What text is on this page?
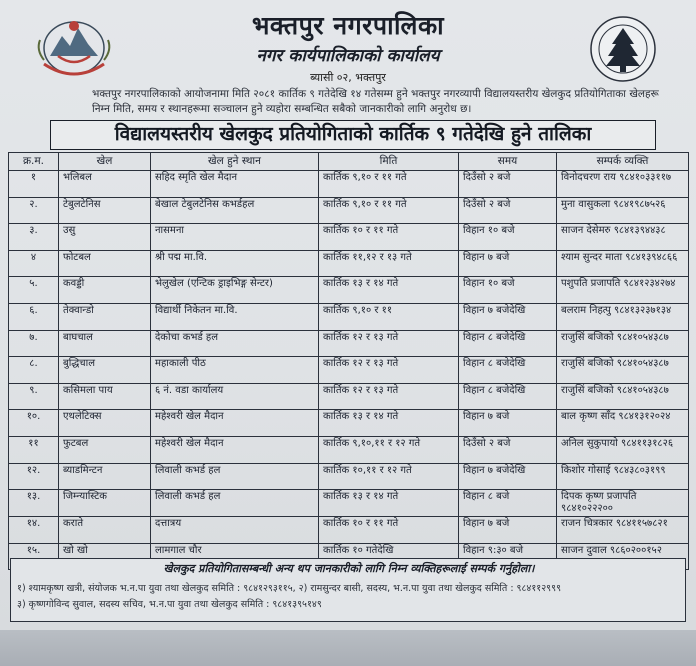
भक्तपुर नगरपालिका
नगर कार्यपालिकाको कार्यालय
ब्यासी ०२, भक्तपुर
भक्तपुर नगरपालिकाको आयोजनामा मिति २०८१ कार्तिक ९ गतेदेखि १४ गतेसम्म हुने भक्तपुर नगरव्यापी विद्यालयस्तरीय खेलकुद प्रतियोगिताका खेलहरू निम्न मिति, समय र स्थानहरूमा सञ्चालन हुने व्यहोरा सम्बन्धित सबैको जानकारीको लागि अनुरोध छ।
विद्यालयस्तरीय खेलकुद प्रतियोगिताको कार्तिक ९ गतेदेखि हुने तालिका
क्र.म.	खेल	खेल हुने स्थान	मिति	समय	सम्पर्क व्यक्ति
१	भलिबल	सहिद स्मृति खेल मैदान	कार्तिक ९,१० र ११ गते	दिउँसो २ बजे	विनोदचरण राय ९८४१०३३११७
२.	टेबुलटेनिस	बेखाल टेबुलटेनिस कभर्डहल	कार्तिक ९,१० र ११ गते	दिउँसो २ बजे	मुना वासुकला ९८४१९८७५२६
३.	उसु	नासमना	कार्तिक १० र ११ गते	विहान १० बजे	साजन देसेमरु ९८४१३९४४३८
४	फोटबल	श्री पद्म मा.वि.	कार्तिक ११,१२ र १३ गते	विहान ७ बजे	श्याम सुन्दर माता ९८४१३९४८६६
५.	कवड्डी	भेलुखेल (एन्टिक ड्राइभिङ्ग सेन्टर)	कार्तिक १३ र १४ गते	विहान १० बजे	पशुपति प्रजापति ९८४१२३४२७४
६.	तेक्वान्डो	विद्यार्थी निकेतन मा.वि.	कार्तिक ९,१० र ११	विहान ७ बजेदेखि	बलराम निहत्पु ९८४१३२३७१३४
७.	बाघचाल	देकोचा कभर्ड हल	कार्तिक १२ र १३ गते	विहान ८ बजेदेखि	राजुसिं बजिको ९८४१०५४३८७
८.	बुद्धिचाल	महाकाली पीठ	कार्तिक १२ र १३ गते	विहान ८ बजेदेखि	राजुसिं बजिको ९८४१०५४३८७
९.	कसिमला पाय	६ नं. वडा कार्यालय	कार्तिक १२ र १३ गते	विहान ८ बजेदेखि	राजुसिं बजिको ९८४१०५४३८७
१०.	एथलेटिक्स	महेश्वरी खेल मैदान	कार्तिक १३ र १४ गते	विहान ७ बजे	बाल कृष्ण साँद ९८४१३१२०२४
११	फुटबल	महेश्वरी खेल मैदान	कार्तिक ९,१०,११ र १२ गते	दिउँसो २ बजे	अनिल सुकुपायो ९८४११३१८२६
१२.	ब्याडमिन्टन	लिवाली कभर्ड हल	कार्तिक १०,११ र १२ गते	विहान ७ बजेदेखि	किशोर गोसाई ९८४३८०३१९९
१३.	जिम्न्यास्टिक	लिवाली कभर्ड हल	कार्तिक १३ र १४ गते	विहान ८ बजे	दिपक कृष्ण प्रजापति ९८४१०२२२००
१४.	कराते	दत्तात्रय	कार्तिक १० र ११ गते	विहान ७ बजे	राजन चित्रकार ९८४११५७८२१
१५.	खो खो	लामगाल चौर	कार्तिक १० गतेदेखि	विहान ९:३० बजे	साजन दुवाल ९८६०२००१५२
खेलकुद प्रतियोगितासम्बन्धी अन्य थप जानकारीको लागि निम्न व्यक्तिहरूलाई सम्पर्क गर्नुहोला।
१) श्यामकृष्ण खत्री, संयोजक भ.न.पा युवा तथा खेलकुद समिति : ९८४१२९३११५, २) रामसुन्दर बासी, सदस्य, भ.न.पा युवा तथा खेलकुद समिति : ९८४११२९९९
३) कृष्णगोविन्द सुवाल, सदस्य सचिव, भ.न.पा युवा तथा खेलकुद समिति : ९८४१३९५१४९
